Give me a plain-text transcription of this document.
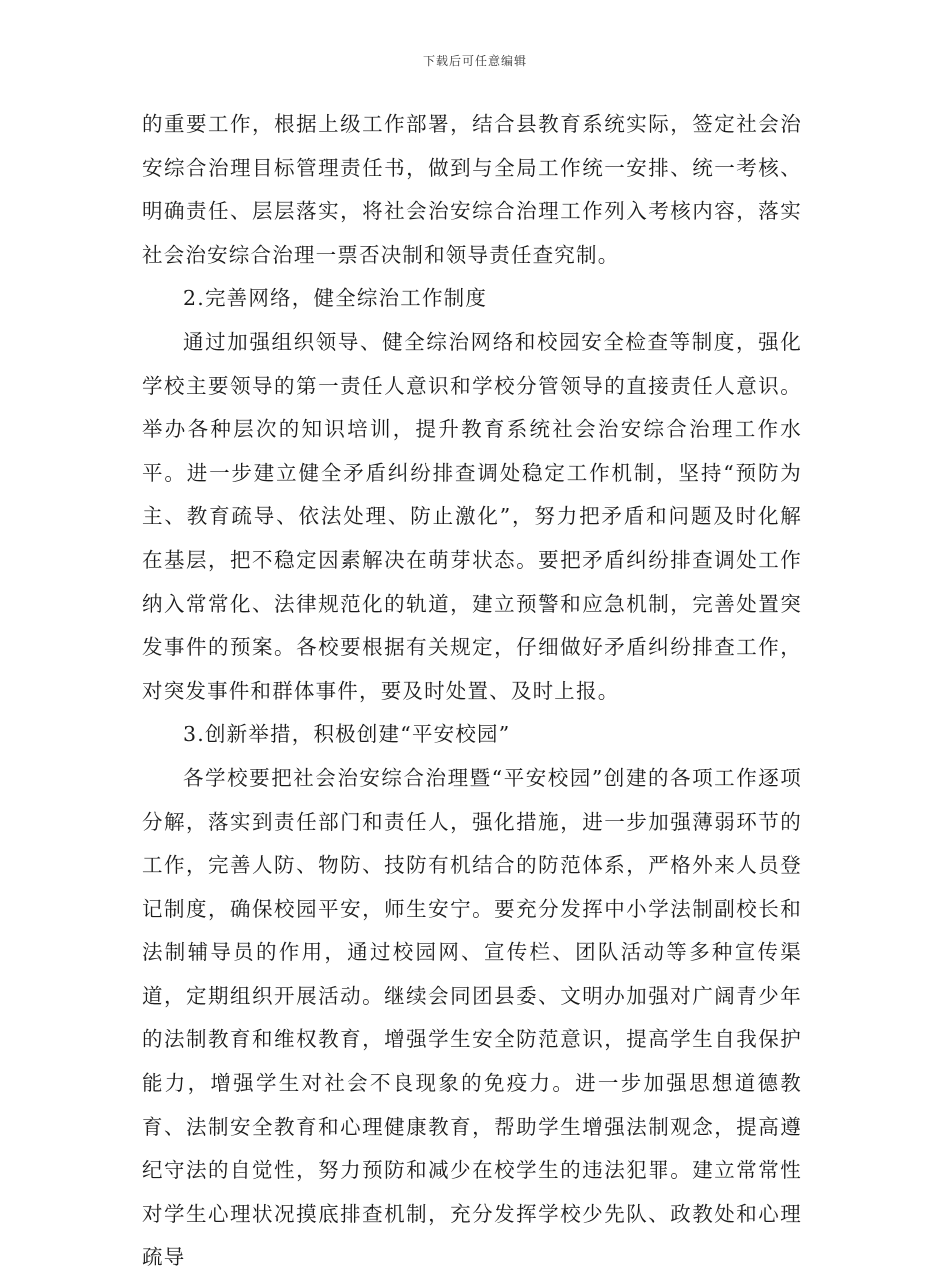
下载后可任意编辑

的重要工作，根据上级工作部署，结合县教育系统实际，签定社会治安综合治理目标管理责任书，做到与全局工作统一安排、统一考核、明确责任、层层落实，将社会治安综合治理工作列入考核内容，落实社会治安综合治理一票否决制和领导责任查究制。

2.完善网络，健全综治工作制度

通过加强组织领导、健全综治网络和校园安全检查等制度，强化学校主要领导的第一责任人意识和学校分管领导的直接责任人意识。举办各种层次的知识培训，提升教育系统社会治安综合治理工作水平。进一步建立健全矛盾纠纷排查调处稳定工作机制，坚持“预防为主、教育疏导、依法处理、防止激化”，努力把矛盾和问题及时化解在基层，把不稳定因素解决在萌芽状态。要把矛盾纠纷排查调处工作纳入常常化、法律规范化的轨道，建立预警和应急机制，完善处置突发事件的预案。各校要根据有关规定，仔细做好矛盾纠纷排查工作，对突发事件和群体事件，要及时处置、及时上报。

3.创新举措，积极创建“平安校园”

各学校要把社会治安综合治理暨“平安校园”创建的各项工作逐项分解，落实到责任部门和责任人，强化措施，进一步加强薄弱环节的工作，完善人防、物防、技防有机结合的防范体系，严格外来人员登记制度，确保校园平安，师生安宁。要充分发挥中小学法制副校长和法制辅导员的作用，通过校园网、宣传栏、团队活动等多种宣传渠道，定期组织开展活动。继续会同团县委、文明办加强对广阔青少年的法制教育和维权教育，增强学生安全防范意识，提高学生自我保护能力，增强学生对社会不良现象的免疫力。进一步加强思想道德教育、法制安全教育和心理健康教育，帮助学生增强法制观念，提高遵纪守法的自觉性，努力预防和减少在校学生的违法犯罪。建立常常性对学生心理状况摸底排查机制，充分发挥学校少先队、政教处和心理疏导
